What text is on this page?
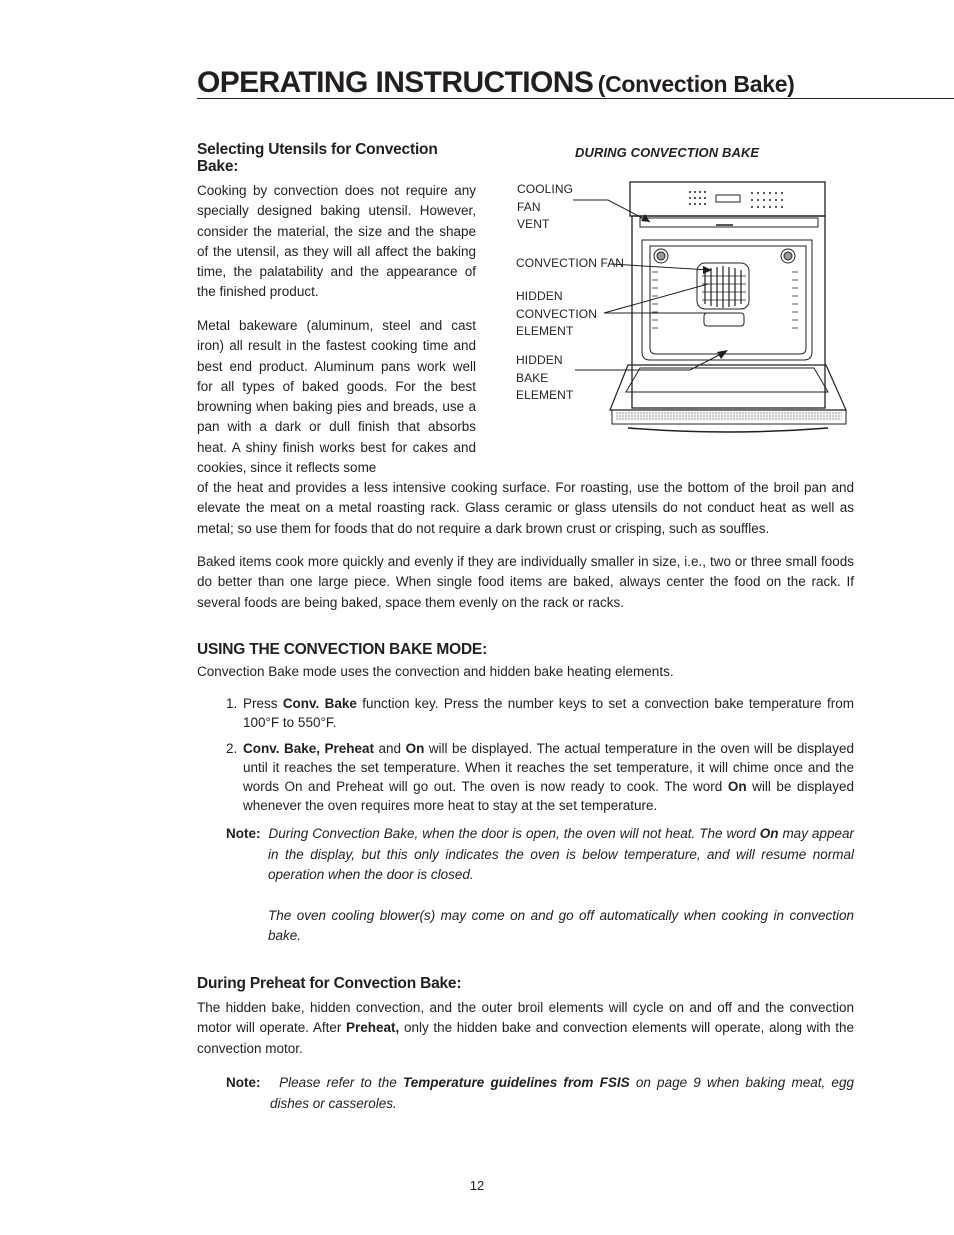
OPERATING INSTRUCTIONS (Convection Bake)
Selecting Utensils for Convection Bake:

Cooking by convection does not require any specially designed baking utensil. However, consider the material, the size and the shape of the utensil, as they will all affect the baking time, the palatability and the appearance of the finished product.

Metal bakeware (aluminum, steel and cast iron) all result in the fastest cooking time and best end product. Aluminum pans work well for all types of baked goods. For the best browning when baking pies and breads, use a pan with a dark or dull finish that absorbs heat. A shiny finish works best for cakes and cookies, since it reflects some

of the heat and provides a less intensive cooking surface. For roasting, use the bottom of the broil pan and elevate the meat on a metal roasting rack. Glass ceramic or glass utensils do not conduct heat as well as metal; so use them for foods that do not require a dark brown crust or crisping, such as souffles.

Baked items cook more quickly and evenly if they are individually smaller in size, i.e., two or three small foods do better than one large piece. When single food items are baked, always center the food on the rack. If several foods are being baked, space them evenly on the rack or racks.

DURING CONVECTION BAKE
COOLING
FAN
VENT
CONVECTION FAN
HIDDEN
CONVECTION
ELEMENT
HIDDEN
BAKE
ELEMENT
USING THE CONVECTION BAKE MODE:

Convection Bake mode uses the convection and hidden bake heating elements.

1. Press Conv. Bake function key. Press the number keys to set a convection bake temperature from 100°F to 550°F.
2. Conv. Bake, Preheat and On will be displayed. The actual temperature in the oven will be displayed until it reaches the set temperature. When it reaches the set temperature, it will chime once and the words On and Preheat will go out. The oven is now ready to cook. The word On will be displayed whenever the oven requires more heat to stay at the set temperature.
Note: During Convection Bake, when the door is open, the oven will not heat. The word On may appear in the display, but this only indicates the oven is below temperature, and will resume normal operation when the door is closed.
The oven cooling blower(s) may come on and go off automatically when cooking in convection bake.
During Preheat for Convection Bake:

The hidden bake, hidden convection, and the outer broil elements will cycle on and off and the convection motor will operate. After Preheat, only the hidden bake and convection elements will operate, along with the convection motor.

Note: Please refer to the Temperature guidelines from FSIS on page 9 when baking meat, egg dishes or casseroles.
12
